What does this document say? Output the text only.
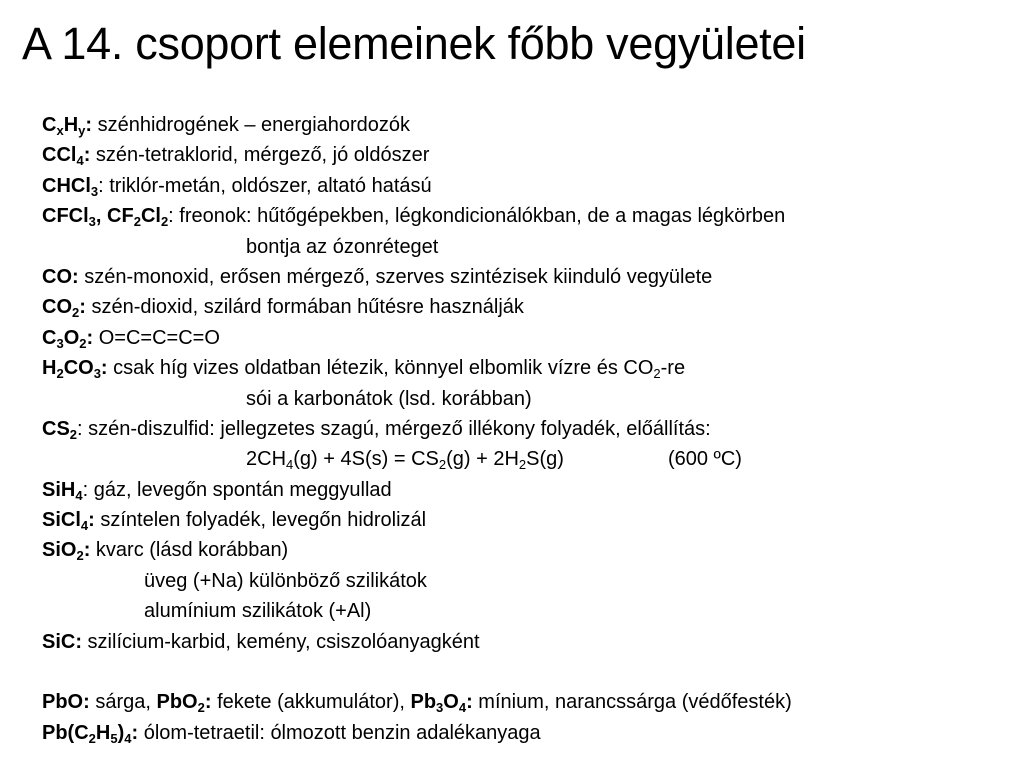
A 14. csoport elemeinek főbb vegyületei
$C_xH_y$: szénhidrogének – energiahordozók
CCl$_4$: szén-tetraklorid, mérgező, jó oldószer
CHCl$_3$: triklór-metán, oldószer, altató hatású
CFCl$_3$, $CF_2Cl_2$: freonok: hűtőgépekben, légkondicionálókban, de a magas légkörben
bontja az ózonréteget
CO: szén-monoxid, erősen mérgező, szerves szintézisek kiinduló vegyülete
$CO_2$: szén-dioxid, szilárd formában hűtésre használják
$C_3O_2$: O=C=C=C=O
$H_2CO_3$: csak híg vizes oldatban létezik, könnyel elbomlik vízre és $CO_2-re$
sói a karbonátok (lsd. korábban)
$CS_2$: szén-diszulfid: jellegzetes szagú, mérgező illékony folyadék, előállítás:
$2CH_4(g) + 4S(s) = CS_2(g) + 2H_2S(g)$	(600 ºC)
SiH$_4$: gáz, levegőn spontán meggyullad
SiCl$_4$: színtelen folyadék, levegőn hidrolizál
SiO$_2$: kvarc (lásd korábban)
üveg (+Na) különböző szilikátok
alumínium szilikátok (+Al)
SiC: szilícium-karbid, kemény, csiszolóanyagként
PbO: sárga, PbO$_2$: fekete (akkumulátor), $Pb_3O_4$: mínium, narancssárga (védőfesték)
$Pb(C_2H_5)_4$: ólom-tetraetil: ólmozott benzin adalékanyaga
